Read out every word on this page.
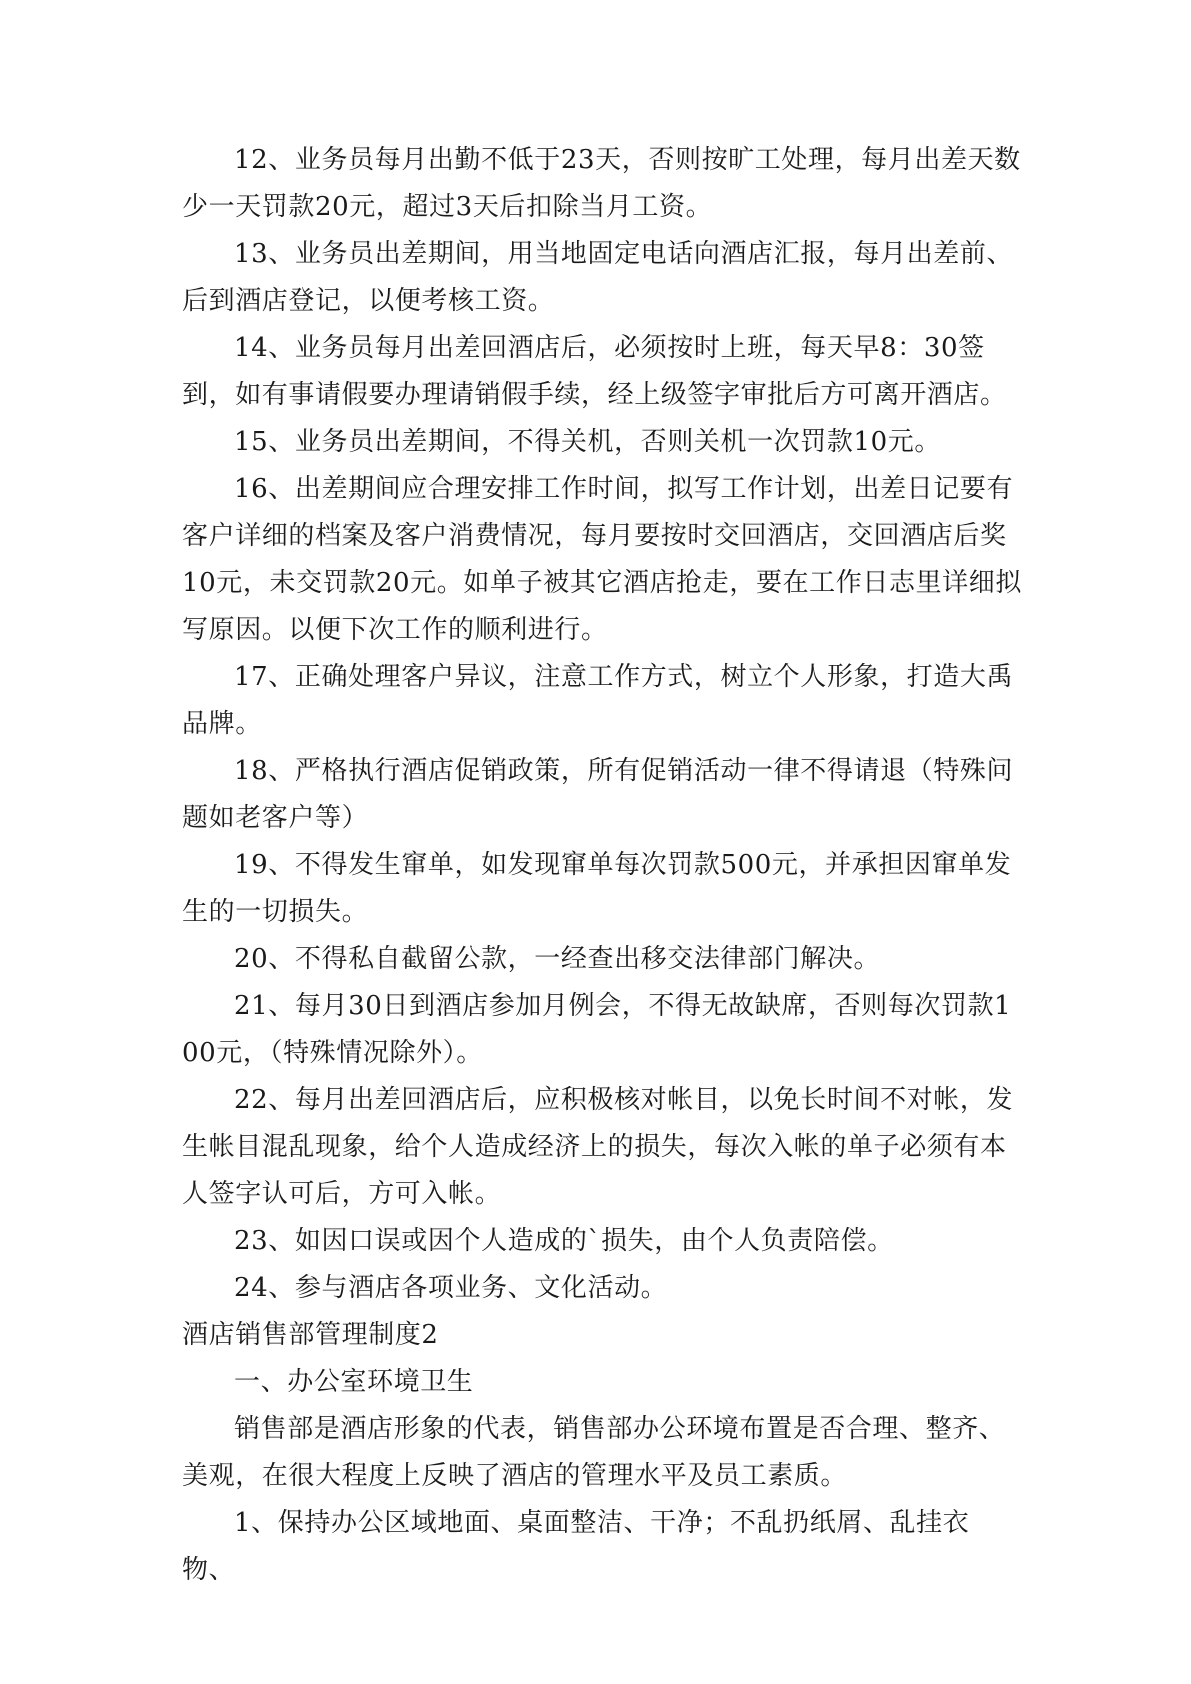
12、业务员每月出勤不低于23天，否则按旷工处理，每月出差天数少一天罚款20元，超过3天后扣除当月工资。

13、业务员出差期间，用当地固定电话向酒店汇报，每月出差前、后到酒店登记，以便考核工资。

14、业务员每月出差回酒店后，必须按时上班，每天早8：30签到，如有事请假要办理请销假手续，经上级签字审批后方可离开酒店。

15、业务员出差期间，不得关机，否则关机一次罚款10元。

16、出差期间应合理安排工作时间，拟写工作计划，出差日记要有客户详细的档案及客户消费情况，每月要按时交回酒店，交回酒店后奖10元，未交罚款20元。如单子被其它酒店抢走，要在工作日志里详细拟写原因。以便下次工作的顺利进行。

17、正确处理客户异议，注意工作方式，树立个人形象，打造大禹品牌。

18、严格执行酒店促销政策，所有促销活动一律不得请退（特殊问题如老客户等）

19、不得发生窜单，如发现窜单每次罚款500元，并承担因窜单发生的一切损失。

20、不得私自截留公款，一经查出移交法律部门解决。

21、每月30日到酒店参加月例会，不得无故缺席，否则每次罚款100元，（特殊情况除外）。

22、每月出差回酒店后，应积极核对帐目，以免长时间不对帐，发生帐目混乱现象，给个人造成经济上的损失，每次入帐的单子必须有本人签字认可后，方可入帐。

23、如因口误或因个人造成的`损失，由个人负责陪偿。

24、参与酒店各项业务、文化活动。

酒店销售部管理制度2

一、办公室环境卫生

销售部是酒店形象的代表，销售部办公环境布置是否合理、整齐、美观，在很大程度上反映了酒店的管理水平及员工素质。

1、保持办公区域地面、桌面整洁、干净；不乱扔纸屑、乱挂衣物、
